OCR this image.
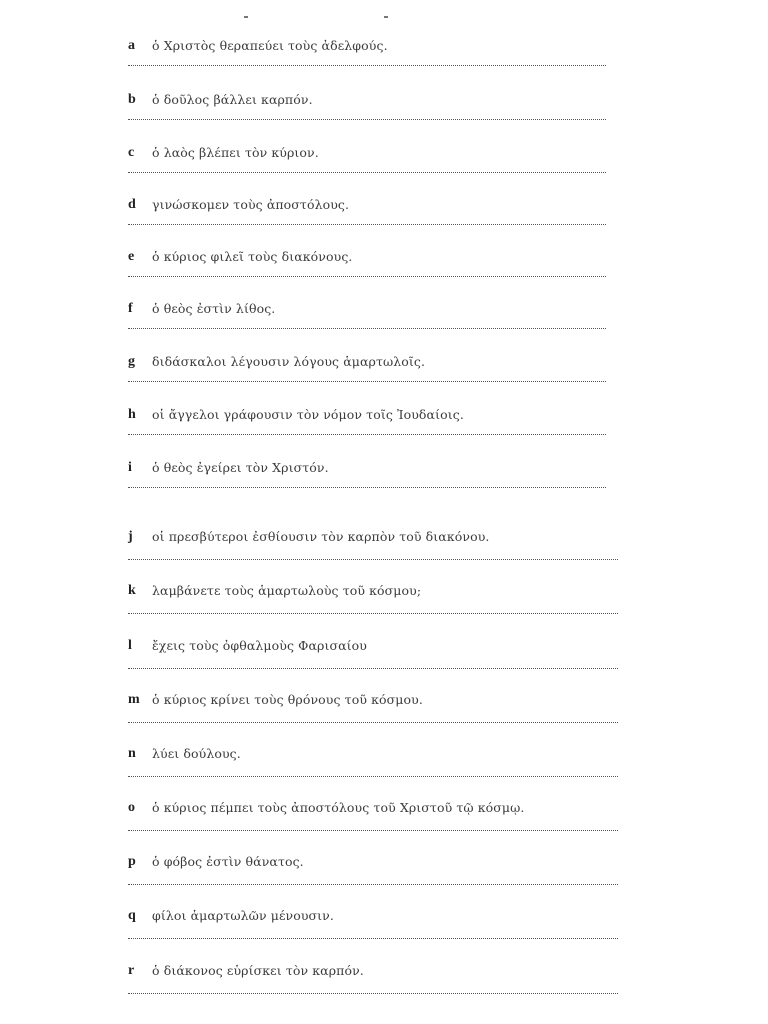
a ὁ Χριστὸς θεραπεύει τοὺς ἀδελφούς.
b ὁ δοῦλος βάλλει καρπόν.
c ὁ λαὸς βλέπει τὸν κύριον.
d γινώσκομεν τοὺς ἀποστόλους.
e ὁ κύριος φιλεῖ τοὺς διακόνους.
f ὁ θεὸς ἐστὶν λίθος.
g διδάσκαλοι λέγουσιν λόγους ἁμαρτωλοῖς.
h οἱ ἄγγελοι γράφουσιν τὸν νόμον τοῖς Ἰουδαίοις.
i ὁ θεὸς ἐγείρει τὸν Χριστόν.
j οἱ πρεσβύτεροι ἐσθίουσιν τὸν καρπὸν τοῦ διακόνου.
k λαμβάνετε τοὺς ἁμαρτωλοὺς τοῦ κόσμου;
l ἔχεις τοὺς ὀφθαλμοὺς Φαρισαίου
m ὁ κύριος κρίνει τοὺς θρόνους τοῦ κόσμου.
n λύει δούλους.
o ὁ κύριος πέμπει τοὺς ἀποστόλους τοῦ Χριστοῦ τῷ κόσμῳ.
p ὁ φόβος ἐστὶν θάνατος.
q φίλοι ἁμαρτωλῶν μένουσιν.
r ὁ διάκονος εὑρίσκει τὸν καρπόν.
